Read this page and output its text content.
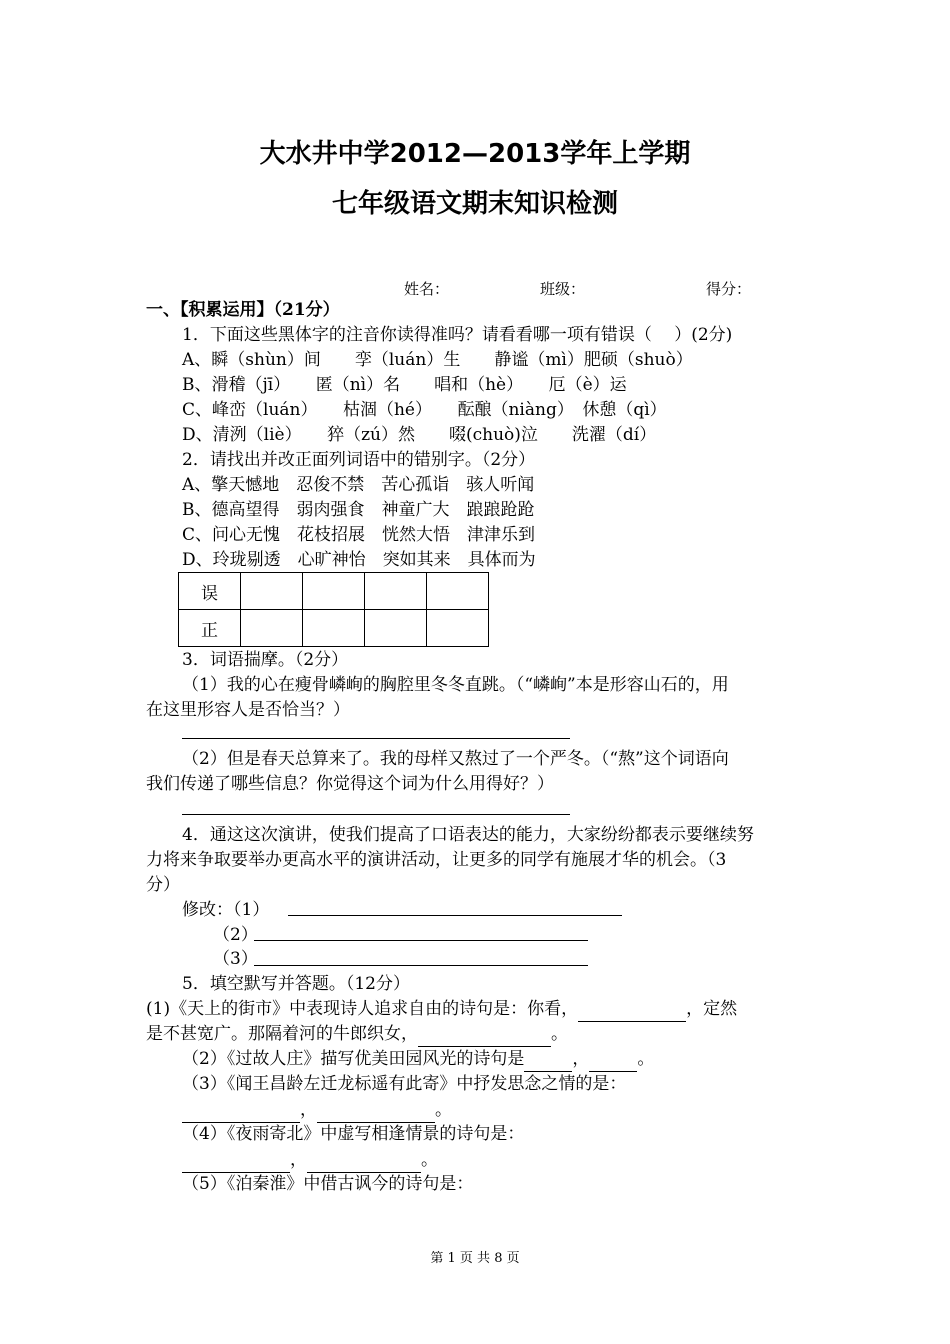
大水井中学2012—2013学年上学期
七年级语文期末知识检测
姓名：	班级：	得分：
一、【积累运用】（21分）
1．下面这些黑体字的注音你读得准吗？请看看哪一项有错误（　 ）(2分)
A、瞬（shùn）间　　孪（luán）生　　静谧（mì）肥硕（shuò）
B、滑稽（jī）　　匿（nì）名　　唱和（hè）　　厄（è）运
C、峰峦（luán）　　枯涸（hé）　　酝酿（niàng）　休憩（qì）
D、清洌（liè）　　猝（zú）然　　啜(chuò)泣　　洗濯（dí）
2．请找出并改正面列词语中的错别字。（2分）
A、擎天憾地　忍俊不禁　苦心孤诣　骇人听闻
B、德高望得　弱肉强食　神童广大　踉踉跄跄
C、问心无愧　花枝招展　恍然大悟　津津乐到
D、玲珑剔透　心旷神怡　突如其来　具体而为
误				
正				
3．词语揣摩。（2分）
（1）我的心在瘦骨嶙峋的胸腔里冬冬直跳。（“嶙峋”本是形容山石的，用
在这里形容人是否恰当？）
（2）但是春天总算来了。我的母样又熬过了一个严冬。（“熬”这个词语向
我们传递了哪些信息？你觉得这个词为什么用得好？）
4．通这这次演讲，使我们提高了口语表达的能力，大家纷纷都表示要继续努
力将来争取要举办更高水平的演讲活动，让更多的同学有施展才华的机会。（3
分）
修改：（1）
（2）
（3）
5．填空默写并答题。（12分）
(1)《天上的街市》中表现诗人追求自由的诗句是：你看，	，定然
是不甚宽广。那隔着河的牛郎织女，	。
（2）《过故人庄》描写优美田园风光的诗句是	，	。
（3）《闻王昌龄左迁龙标遥有此寄》中抒发思念之情的是：
，	。
（4）《夜雨寄北》中虚写相逢情景的诗句是：
，	。
（5）《泊秦淮》中借古讽今的诗句是：
第 1 页 共 8 页
